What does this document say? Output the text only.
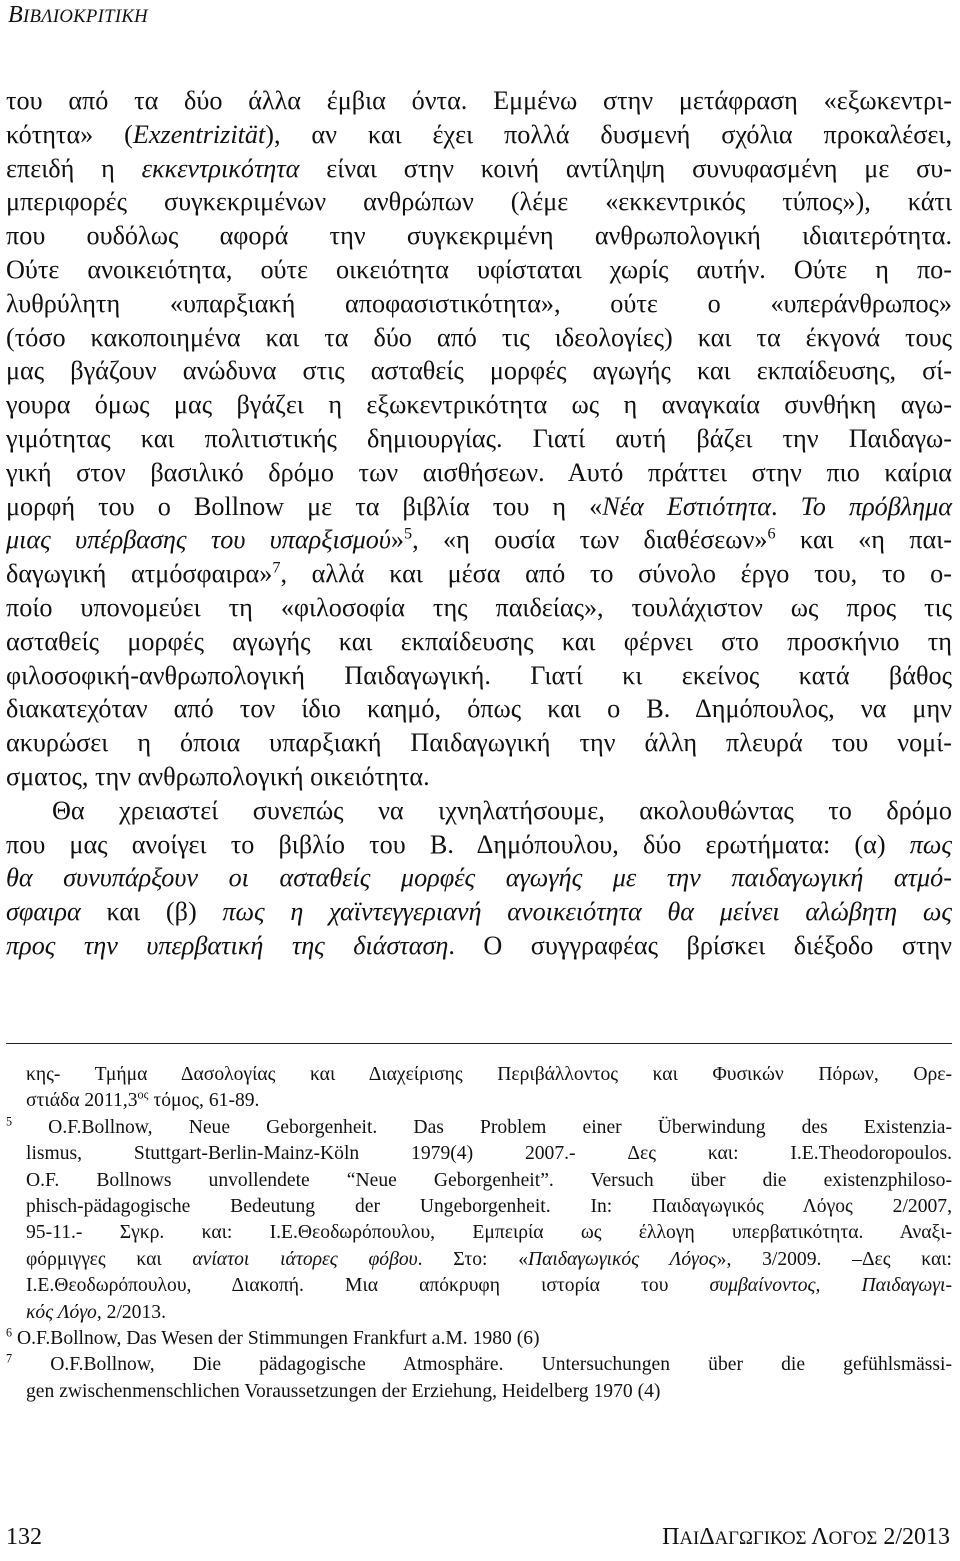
ΒΙΒΛΙΟΚΡΙΤΙΚΗ
του από τα δύο άλλα έμβια όντα. Εμμένω στην μετάφραση «εξωκεντρι-
κότητα» (Exzentrizität), αν και έχει πολλά δυσμενή σχόλια προκαλέσει,
επειδή η εκκεντρικότητα είναι στην κοινή αντίληψη συνυφασμένη με συ-
μπεριφορές συγκεκριμένων ανθρώπων (λέμε «εκκεντρικός τύπος»), κάτι
που ουδόλως αφορά την συγκεκριμένη ανθρωπολογική ιδιαιτερότητα.
Ούτε ανοικειότητα, ούτε οικειότητα υφίσταται χωρίς αυτήν. Ούτε η πο-
λυθρύλητη «υπαρξιακή αποφασιστικότητα», ούτε ο «υπεράνθρωπος»
(τόσο κακοποιημένα και τα δύο από τις ιδεολογίες) και τα έκγονά τους
μας βγάζουν ανώδυνα στις ασταθείς μορφές αγωγής και εκπαίδευσης, σί-
γουρα όμως μας βγάζει η εξωκεντρικότητα ως η αναγκαία συνθήκη αγω-
γιμότητας και πολιτιστικής δημιουργίας. Γιατί αυτή βάζει την Παιδαγω-
γική στον βασιλικό δρόμο των αισθήσεων. Αυτό πράττει στην πιο καίρια
μορφή του ο Bollnow με τα βιβλία του η «Νέα Εστιότητα. Το πρόβλημα
μιας υπέρβασης του υπαρξισμού»$^5$, «η ουσία των διαθέσεων»$^6$ και «η παι-
δαγωγική ατμόσφαιρα»$^7$, αλλά και μέσα από το σύνολο έργο του, το ο-
ποίο υπονομεύει τη «φιλοσοφία της παιδείας», τουλάχιστον ως προς τις
ασταθείς μορφές αγωγής και εκπαίδευσης και φέρνει στο προσκήνιο τη
φιλοσοφική-ανθρωπολογική Παιδαγωγική. Γιατί κι εκείνος κατά βάθος
διακατεχόταν από τον ίδιο καημό, όπως και ο Β. Δημόπουλος, να μην
ακυρώσει η όποια υπαρξιακή Παιδαγωγική την άλλη πλευρά του νομί-
σματος, την ανθρωπολογική οικειότητα.
Θα χρειαστεί συνεπώς να ιχνηλατήσουμε, ακολουθώντας το δρόμο
που μας ανοίγει το βιβλίο του Β. Δημόπουλου, δύο ερωτήματα: (α) πως
θα συνυπάρξουν οι ασταθείς μορφές αγωγής με την παιδαγωγική ατμό-
σφαιρα και (β) πως η χαϊντεγγεριανή ανοικειότητα θα μείνει αλώβητη ως
προς την υπερβατική της διάσταση. Ο συγγραφέας βρίσκει διέξοδο στην
κης- Τμήμα Δασολογίας και Διαχείρισης Περιβάλλοντος και Φυσικών Πόρων, Ορε-
στιάδα $2011,3^{o\varsigma}$ τόμος, 61-89.
$^5$ O.F.Bollnow, Neue Geborgenheit. Das Problem einer Überwindung des Existenzia-
lismus, Stuttgart-Berlin-Mainz-Köln 1979(4) 2007.- Δες και: I.E.Theodoropoulos.
O.F. Bollnows unvollendete “Neue Geborgenheit”. Versuch über die existenzphiloso-
phisch-pädagogische Bedeutung der Ungeborgenheit. In: Παιδαγωγικός Λόγος 2/2007,
95-11.- Σγκρ. και: Ι.Ε.Θεοδωρόπουλου, Εμπειρία ως έλλογη υπερβατικότητα. Αναξι-
φόρμιγγες και ανίατοι ιάτορες φόβου. Στο: «Παιδαγωγικός Λόγος», 3/2009. –Δες και:
Ι.Ε.Θεοδωρόπουλου, Διακοπή. Μια απόκρυφη ιστορία του συμβαίνοντος, Παιδαγωγι-
κός Λόγο, 2/2013.
$^6$ O.F.Bollnow, Das Wesen der Stimmungen Frankfurt a.M. 1980 (6)
$^7$ O.F.Bollnow, Die pädagogische Atmosphäre. Untersuchungen über die gefühlsmässi-
gen zwischenmenschlichen Voraussetzungen der Erziehung, Heidelberg 1970 (4)
132	ΠΑΙΔΑΓΩΓΙΚΟΣ ΛΟΓΟΣ 2/2013
